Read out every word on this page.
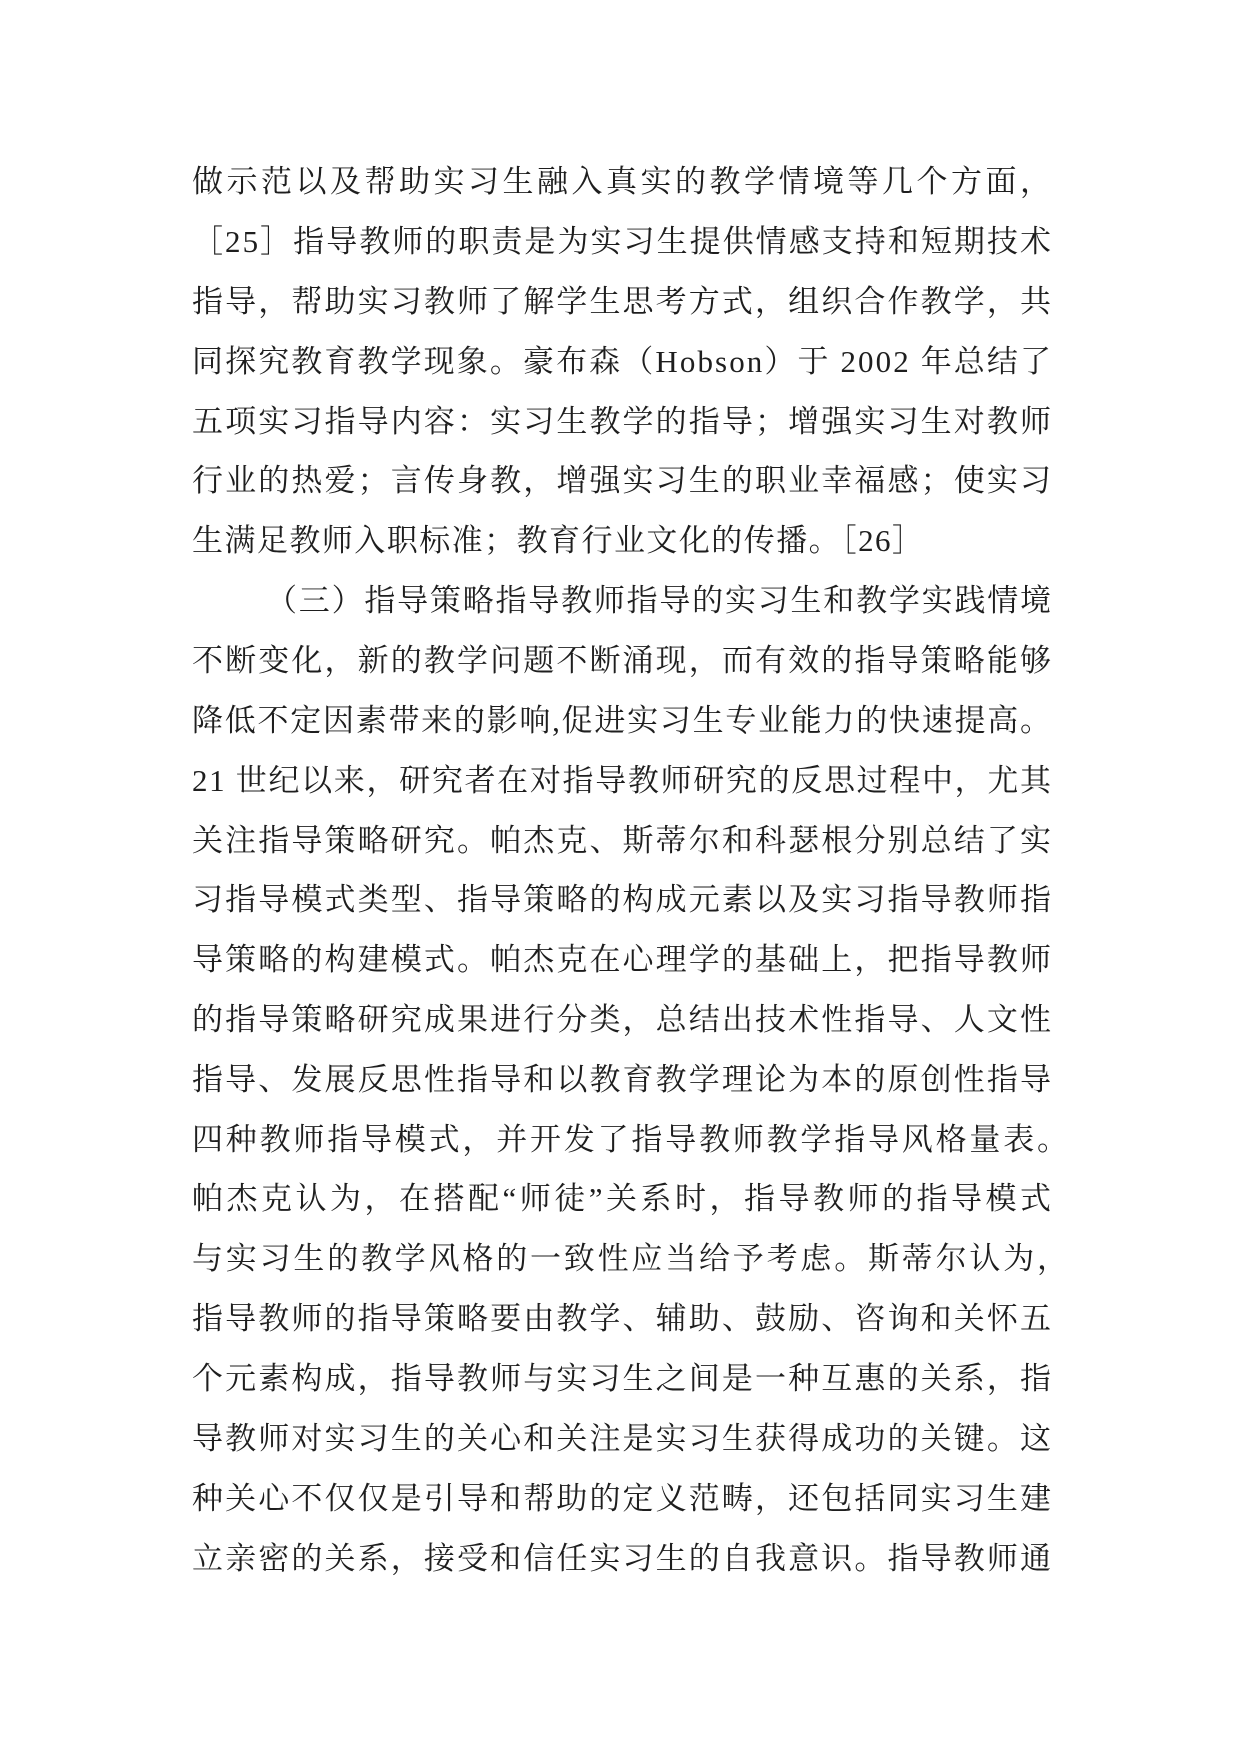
做示范以及帮助实习生融入真实的教学情境等几个方面，
［25］指导教师的职责是为实习生提供情感支持和短期技术
指导，帮助实习教师了解学生思考方式，组织合作教学，共
同探究教育教学现象。豪布森（Hobson）于 2002 年总结了
五项实习指导内容：实习生教学的指导；增强实习生对教师
行业的热爱；言传身教，增强实习生的职业幸福感；使实习
生满足教师入职标准；教育行业文化的传播。［26］
（三）指导策略指导教师指导的实习生和教学实践情境
不断变化，新的教学问题不断涌现，而有效的指导策略能够
降低不定因素带来的影响,促进实习生专业能力的快速提高。
21 世纪以来，研究者在对指导教师研究的反思过程中，尤其
关注指导策略研究。帕杰克、斯蒂尔和科瑟根分别总结了实
习指导模式类型、指导策略的构成元素以及实习指导教师指
导策略的构建模式。帕杰克在心理学的基础上，把指导教师
的指导策略研究成果进行分类，总结出技术性指导、人文性
指导、发展反思性指导和以教育教学理论为本的原创性指导
四种教师指导模式，并开发了指导教师教学指导风格量表。
帕杰克认为，在搭配“师徒”关系时，指导教师的指导模式
与实习生的教学风格的一致性应当给予考虑。斯蒂尔认为，
指导教师的指导策略要由教学、辅助、鼓励、咨询和关怀五
个元素构成，指导教师与实习生之间是一种互惠的关系，指
导教师对实习生的关心和关注是实习生获得成功的关键。这
种关心不仅仅是引导和帮助的定义范畴，还包括同实习生建
立亲密的关系，接受和信任实习生的自我意识。指导教师通
